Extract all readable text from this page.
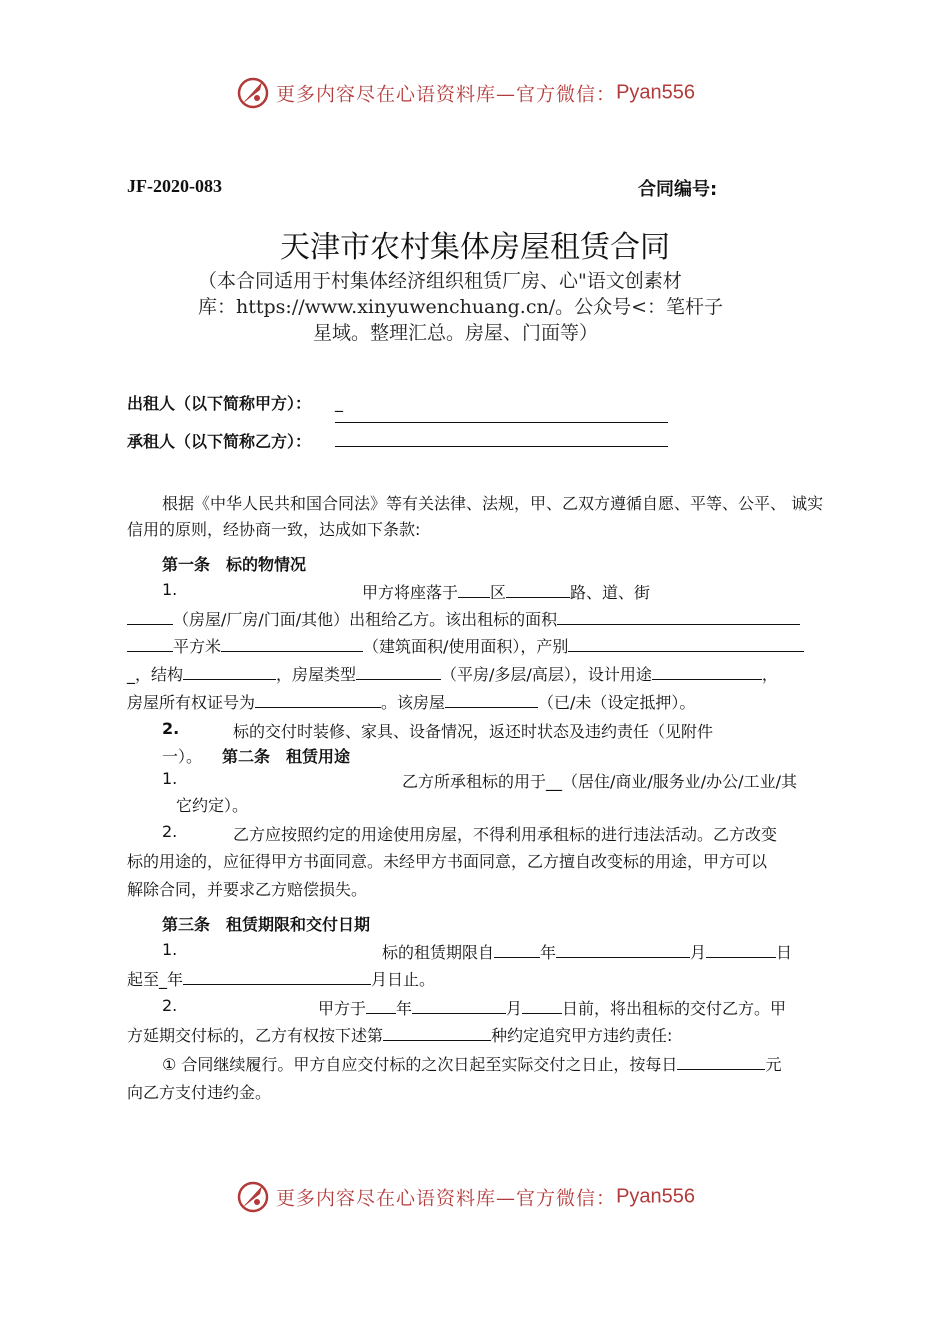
更多内容尽在心语资料库—官方微信：Pyan556
JF-2020-083	合同编号:
天津市农村集体房屋租赁合同
（本合同适用于村集体经济组织租赁厂房、心"语文创素材
库：https://www.xinyuwenchuang.cn/。公众号<：笔杆子
星域。整理汇总。房屋、门面等）
出租人（以下简称甲方）： _
承租人（以下简称乙方）：
根据《中华人民共和国合同法》等有关法律、法规，甲、乙双方遵循自愿、平等、公平、 诚实
信用的原则，经协商一致，达成如下条款:
第一条　标的物情况
1.	甲方将座落于 区	路、道、街
（房屋/厂房/门面/其他）出租给乙方。该出租标的面积
平方米	（建筑面积/使用面积），产别
_，结构	，房屋类型	（平房/多层/高层），设计用途	，
房屋所有权证号为	。该房屋	（已/未（设定抵押）。
2.	标的交付时装修、家具、设备情况，返还时状态及违约责任（见附件
一）。 第二条　租赁用途
1.	乙方所承租标的用于__（居住/商业/服务业/办公/工业/其
它约定）。
2.	乙方应按照约定的用途使用房屋，不得利用承租标的进行违法活动。乙方改变
标的用途的，应征得甲方书面同意。未经甲方书面同意，乙方擅自改变标的用途，甲方可以
解除合同，并要求乙方赔偿损失。
第三条　租赁期限和交付日期
1.	标的租赁期限自	年	月	日
起至_年	月日止。
2.	甲方于 年	月	日前，将出租标的交付乙方。甲
方延期交付标的，乙方有权按下述第	种约定追究甲方违约责任:
① 合同继续履行。甲方自应交付标的之次日起至实际交付之日止，按每日	元
向乙方支付违约金。
更多内容尽在心语资料库—官方微信：Pyan556
